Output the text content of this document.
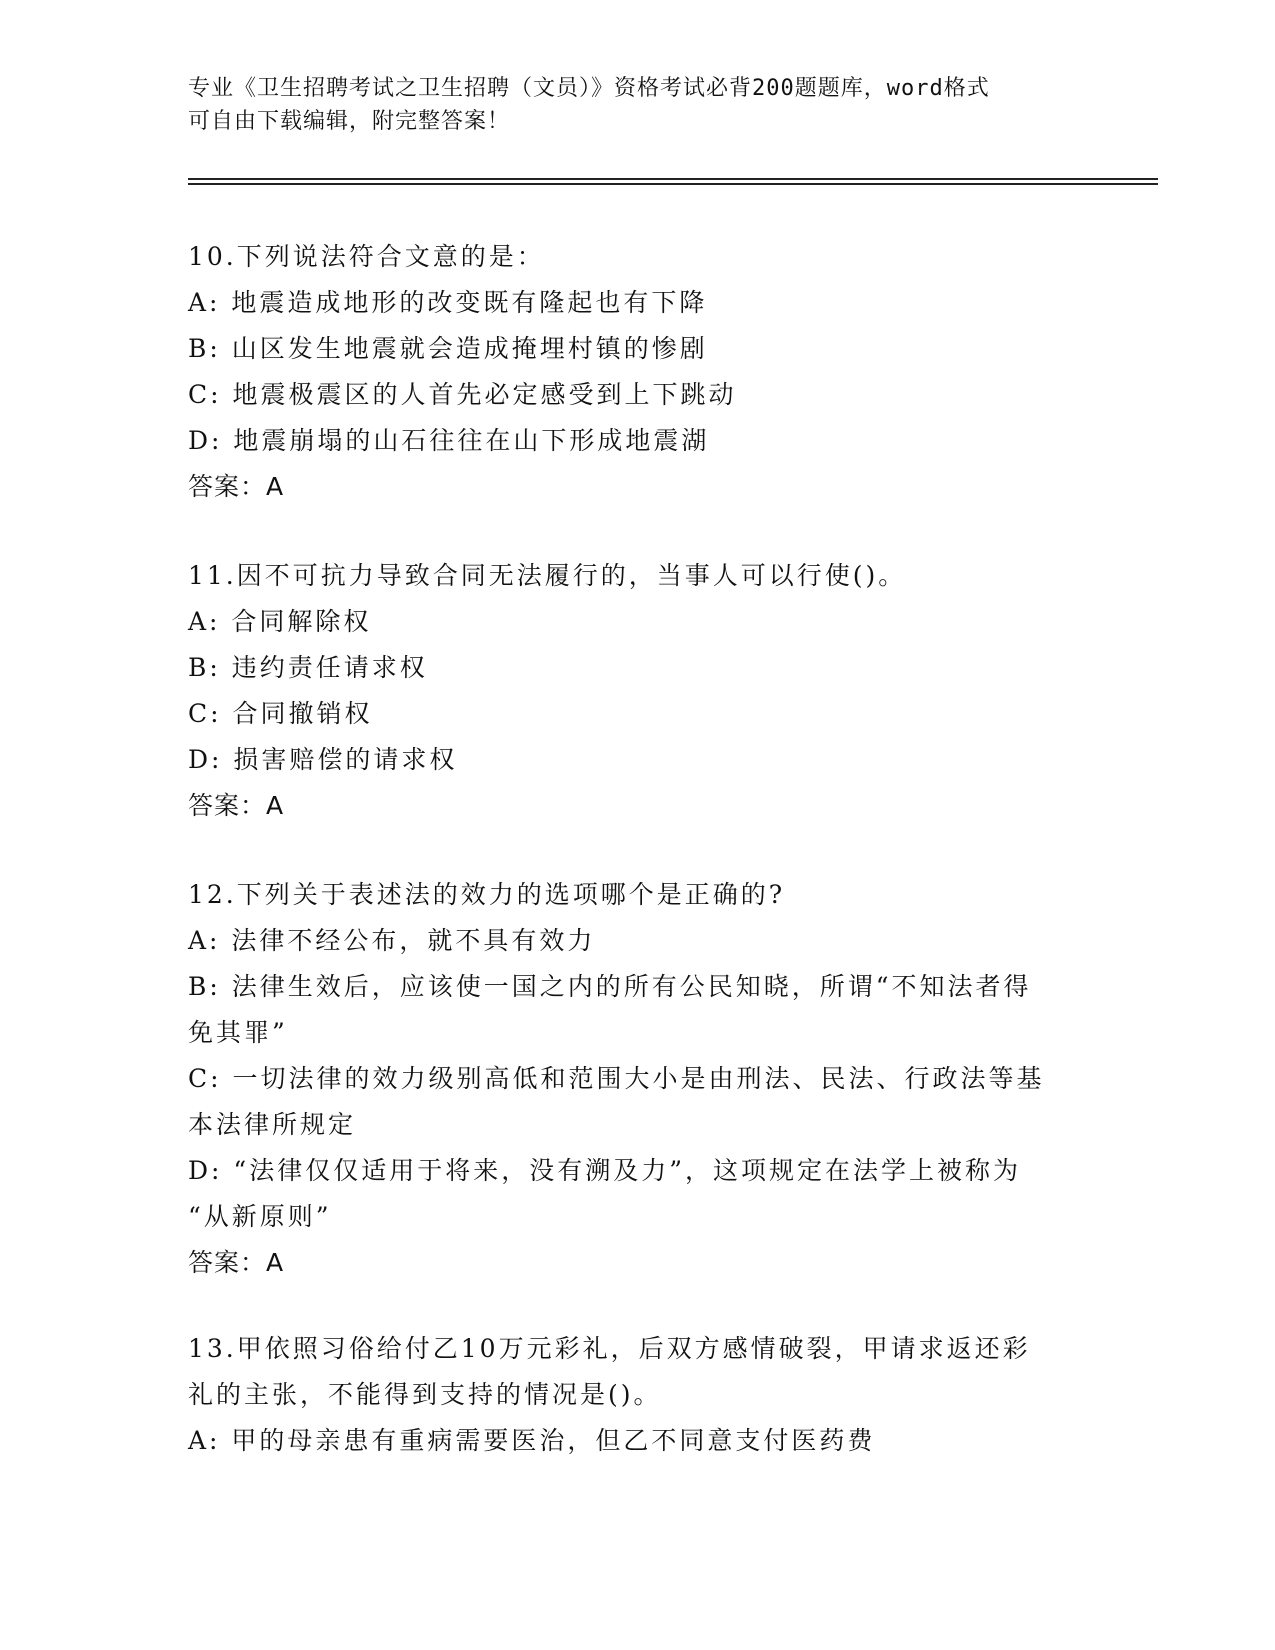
专业《卫生招聘考试之卫生招聘（文员）》资格考试必背200题题库，word格式
可自由下载编辑，附完整答案！
10.下列说法符合文意的是：
A: 地震造成地形的改变既有隆起也有下降
B: 山区发生地震就会造成掩埋村镇的惨剧
C: 地震极震区的人首先必定感受到上下跳动
D: 地震崩塌的山石往往在山下形成地震湖
答案：A
11.因不可抗力导致合同无法履行的，当事人可以行使()。
A: 合同解除权
B: 违约责任请求权
C: 合同撤销权
D: 损害赔偿的请求权
答案：A
12.下列关于表述法的效力的选项哪个是正确的?
A: 法律不经公布，就不具有效力
B: 法律生效后，应该使一国之内的所有公民知晓，所谓“不知法者得
免其罪”
C: 一切法律的效力级别高低和范围大小是由刑法、民法、行政法等基
本法律所规定
D: “法律仅仅适用于将来，没有溯及力”，这项规定在法学上被称为
“从新原则”
答案：A
13.甲依照习俗给付乙10万元彩礼，后双方感情破裂，甲请求返还彩
礼的主张，不能得到支持的情况是()。
A: 甲的母亲患有重病需要医治，但乙不同意支付医药费
